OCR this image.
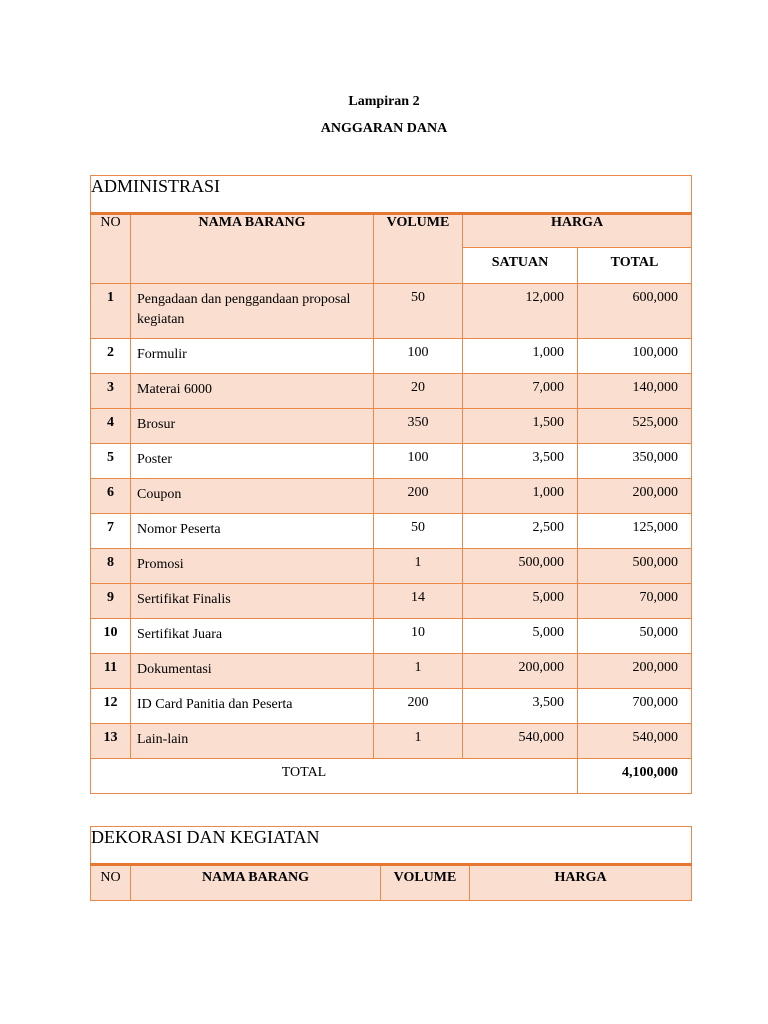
Lampiran 2
ANGGARAN DANA
ADMINISTRASI				
NO	NAMA BARANG	VOLUME	HARGA	
			SATUAN	TOTAL
1	Pengadaan dan penggandaan proposal kegiatan	50	12,000	600,000
2	Formulir	100	1,000	100,000
3	Materai 6000	20	7,000	140,000
4	Brosur	350	1,500	525,000
5	Poster	100	3,500	350,000
6	Coupon	200	1,000	200,000
7	Nomor Peserta	50	2,500	125,000
8	Promosi	1	500,000	500,000
9	Sertifikat Finalis	14	5,000	70,000
10	Sertifikat Juara	10	5,000	50,000
11	Dokumentasi	1	200,000	200,000
12	ID Card Panitia dan Peserta	200	3,500	700,000
13	Lain-lain	1	540,000	540,000
TOTAL				4,100,000
DEKORASI DAN KEGIATAN
NO	NAMA BARANG	VOLUME	HARGA
